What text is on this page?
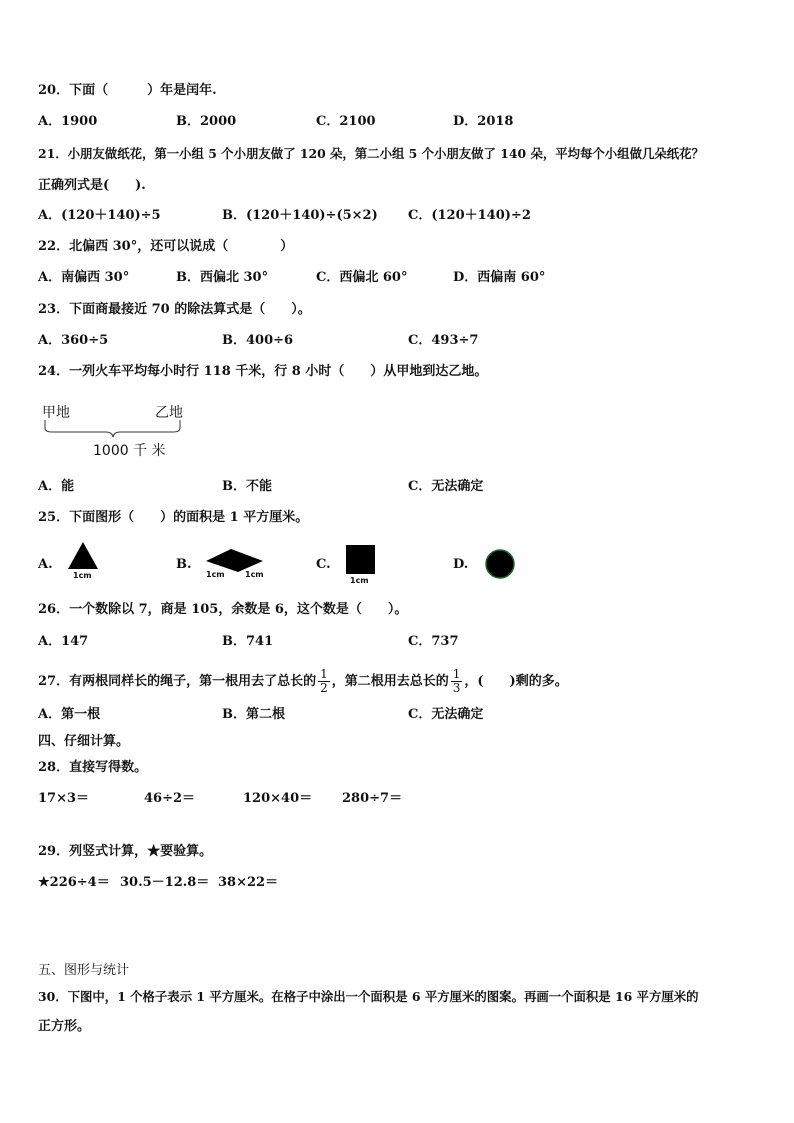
20．下面（　　　）年是闰年.
A．1900	B．2000	C．2100	D．2018
21．小朋友做纸花，第一小组 5 个小朋友做了 120 朵，第二小组 5 个小朋友做了 140 朵，平均每个小组做几朵纸花？
正确列式是(　　).
A．(120＋140)÷5	B．(120＋140)÷(5×2) C．(120＋140)÷2
22．北偏西 30°，还可以说成（　　　　）
A．南偏西 30°	B．西偏北 30°	C．西偏北 60°	D．西偏南 60°
23．下面商最接近 70 的除法算式是（　　）。
A．360÷5	B．400÷6	C．493÷7
24．一列火车平均每小时行 118 千米，行 8 小时（　　）从甲地到达乙地。
甲地	乙地
1000 千 米
A．能	B．不能	C．无法确定
25．下面图形（　　）的面积是 1 平方厘米。
A.
1cm
B.
1cm	1cm
C.
1cm
D.
26．一个数除以 7，商是 105，余数是 6，这个数是（　　）。
A．147	B．741	C．737
27．有两根同样长的绳子，第一根用去了总长的 $\frac{1}{2}$ ，第二根用去总长的 $\frac{1}{3}$ ，(　　)剩的多。
A．第一根	B．第二根	C．无法确定
四、仔细计算。
28．直接写得数。
17×3＝	46÷2＝	120×40＝ 280÷7＝
29．列竖式计算，★要验算。
★226÷4＝ 30.5－12.8＝ 38×22＝
五、图形与统计
30．下图中，1 个格子表示 1 平方厘米。在格子中涂出一个面积是 6 平方厘米的图案。再画一个面积是 16 平方厘米的
正方形。
